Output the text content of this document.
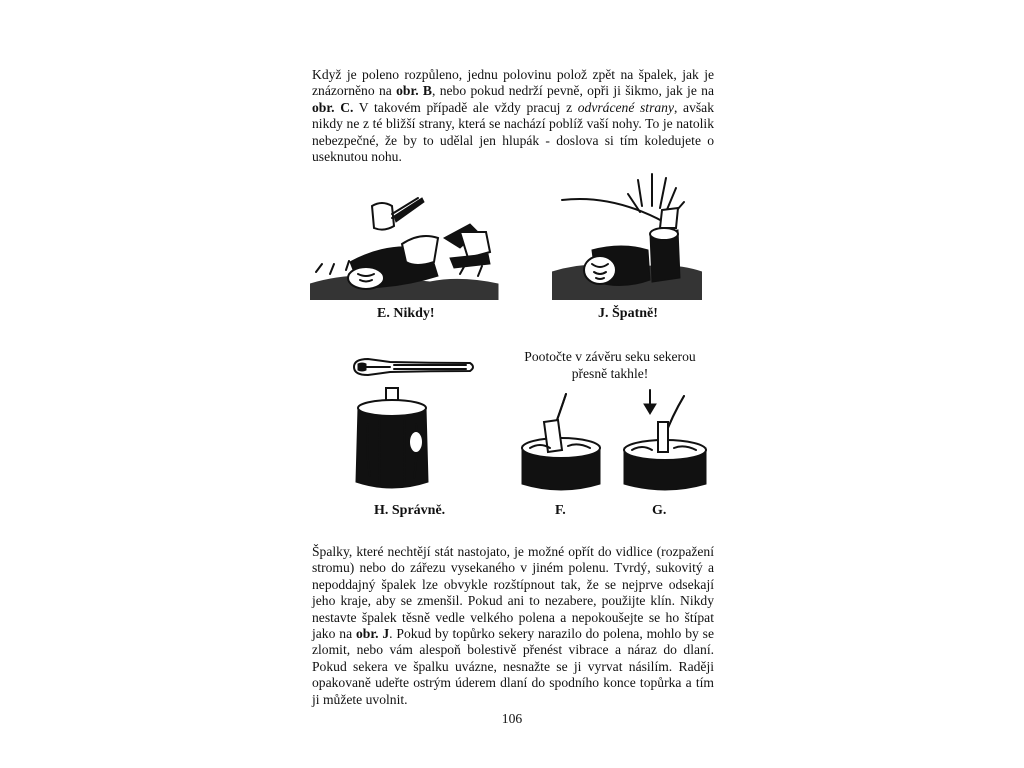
Když je poleno rozpůleno, jednu polovinu polož zpět na špalek, jak je znázorněno na obr. B, nebo pokud nedrží pevně, opři ji šikmo, jak je na obr. C. V takovém případě ale vždy pracuj z odvrácené strany, avšak nikdy ne z té bližší strany, která se nachází poblíž vaší nohy. To je natolik nebezpečné, že by to udělal jen hlupák - doslova si tím koledujete o useknutou nohu.

E. Nikdy!	J. Špatně!
H. Správně.
Pootočte v závěru seku sekerou přesně takhle!
F.	G.

Špalky, které nechtějí stát nastojato, je možné opřít do vidlice (rozpažení stromu) nebo do zářezu vysekaného v jiném polenu. Tvrdý, sukovitý a nepoddajný špalek lze obvykle rozštípnout tak, že se nejprve odsekají jeho kraje, aby se zmenšil. Pokud ani to nezabere, použijte klín. Nikdy nestavte špalek těsně vedle velkého polena a nepokoušejte se ho štípat jako na obr. J. Pokud by topůrko sekery narazilo do polena, mohlo by se zlomit, nebo vám alespoň bolestivě přenést vibrace a náraz do dlaní. Pokud sekera ve špalku uvázne, nesnažte se ji vyrvat násilím. Raději opakovaně udeřte ostrým úderem dlaní do spodního konce topůrka a tím ji můžete uvolnit.

106
